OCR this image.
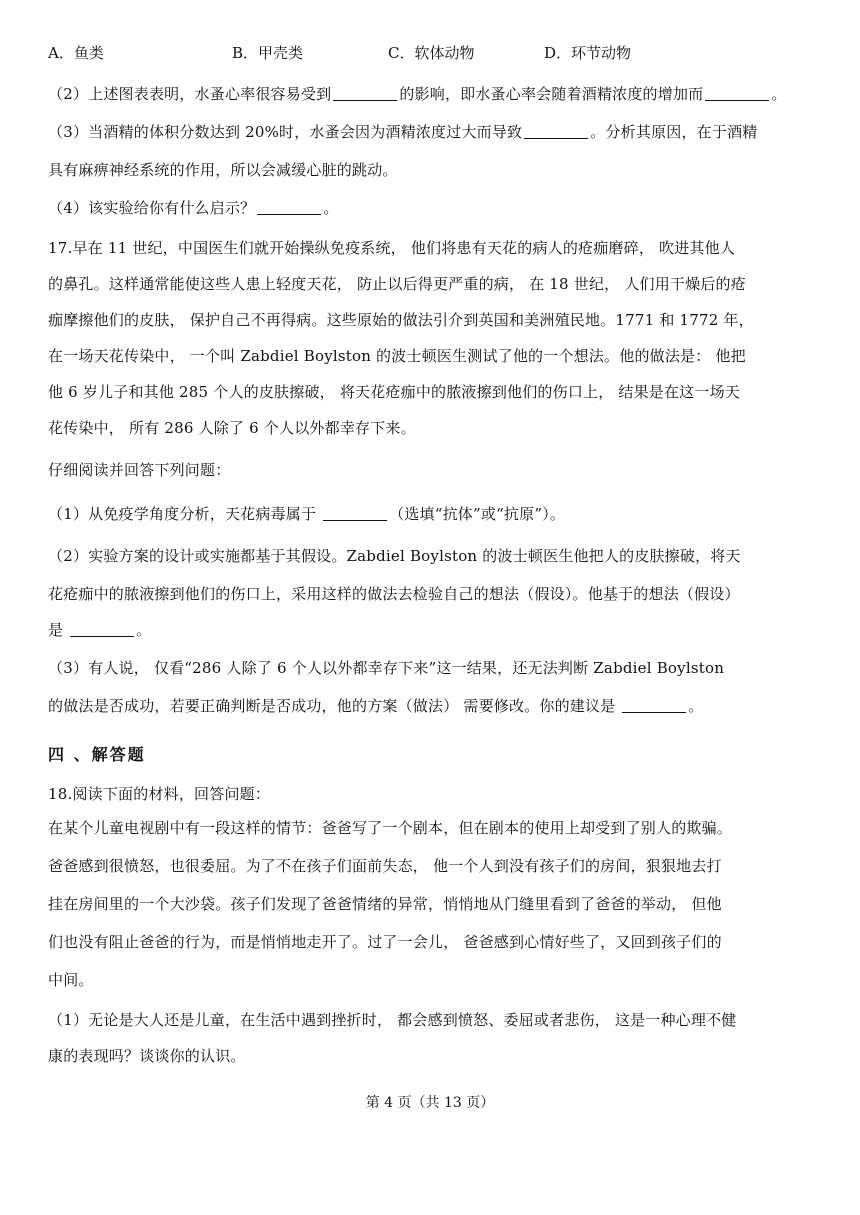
A．鱼类	B．甲壳类	C．软体动物	D．环节动物
（2）上述图表表明，水蚤心率很容易受到	的影响，即水蚤心率会随着酒精浓度的增加而	。
（3）当酒精的体积分数达到 20%时，水蚤会因为酒精浓度过大而导致	。分析其原因，在于酒精
具有麻痹神经系统的作用，所以会减缓心脏的跳动。
（4）该实验给你有什么启示？	。
17.早在 11 世纪，中国医生们就开始操纵免疫系统， 他们将患有天花的病人的疮痂磨碎， 吹进其他人
的鼻孔。这样通常能使这些人患上轻度天花， 防止以后得更严重的病， 在 18 世纪， 人们用干燥后的疮
痂摩擦他们的皮肤， 保护自己不再得病。这些原始的做法引介到英国和美洲殖民地。1771 和 1772 年，
在一场天花传染中， 一个叫 Zabdiel Boylston 的波士顿医生测试了他的一个想法。他的做法是： 他把
他 6 岁儿子和其他 285 个人的皮肤擦破， 将天花疮痂中的脓液擦到他们的伤口上， 结果是在这一场天
花传染中， 所有 286 人除了 6 个人以外都幸存下来。
仔细阅读并回答下列问题：
（1）从免疫学角度分析，天花病毒属于	（选填“抗体”或“抗原”）。
（2）实验方案的设计或实施都基于其假设。Zabdiel Boylston 的波士顿医生他把人的皮肤擦破，将天
花疮痂中的脓液擦到他们的伤口上，采用这样的做法去检验自己的想法（假设）。他基于的想法（假设）
是	。
（3）有人说， 仅看“286 人除了 6 个人以外都幸存下来”这一结果，还无法判断 Zabdiel Boylston
的做法是否成功，若要正确判断是否成功，他的方案（做法） 需要修改。你的建议是	。
四 、解答题
18.阅读下面的材料，回答问题：
在某个儿童电视剧中有一段这样的情节：爸爸写了一个剧本，但在剧本的使用上却受到了别人的欺骗。
爸爸感到很愤怒，也很委屈。为了不在孩子们面前失态， 他一个人到没有孩子们的房间，狠狠地去打
挂在房间里的一个大沙袋。孩子们发现了爸爸情绪的异常，悄悄地从门缝里看到了爸爸的举动， 但他
们也没有阻止爸爸的行为，而是悄悄地走开了。过了一会儿， 爸爸感到心情好些了，又回到孩子们的
中间。
（1）无论是大人还是儿童，在生活中遇到挫折时， 都会感到愤怒、委屈或者悲伤， 这是一种心理不健
康的表现吗？谈谈你的认识。
第 4 页（共 13 页）
